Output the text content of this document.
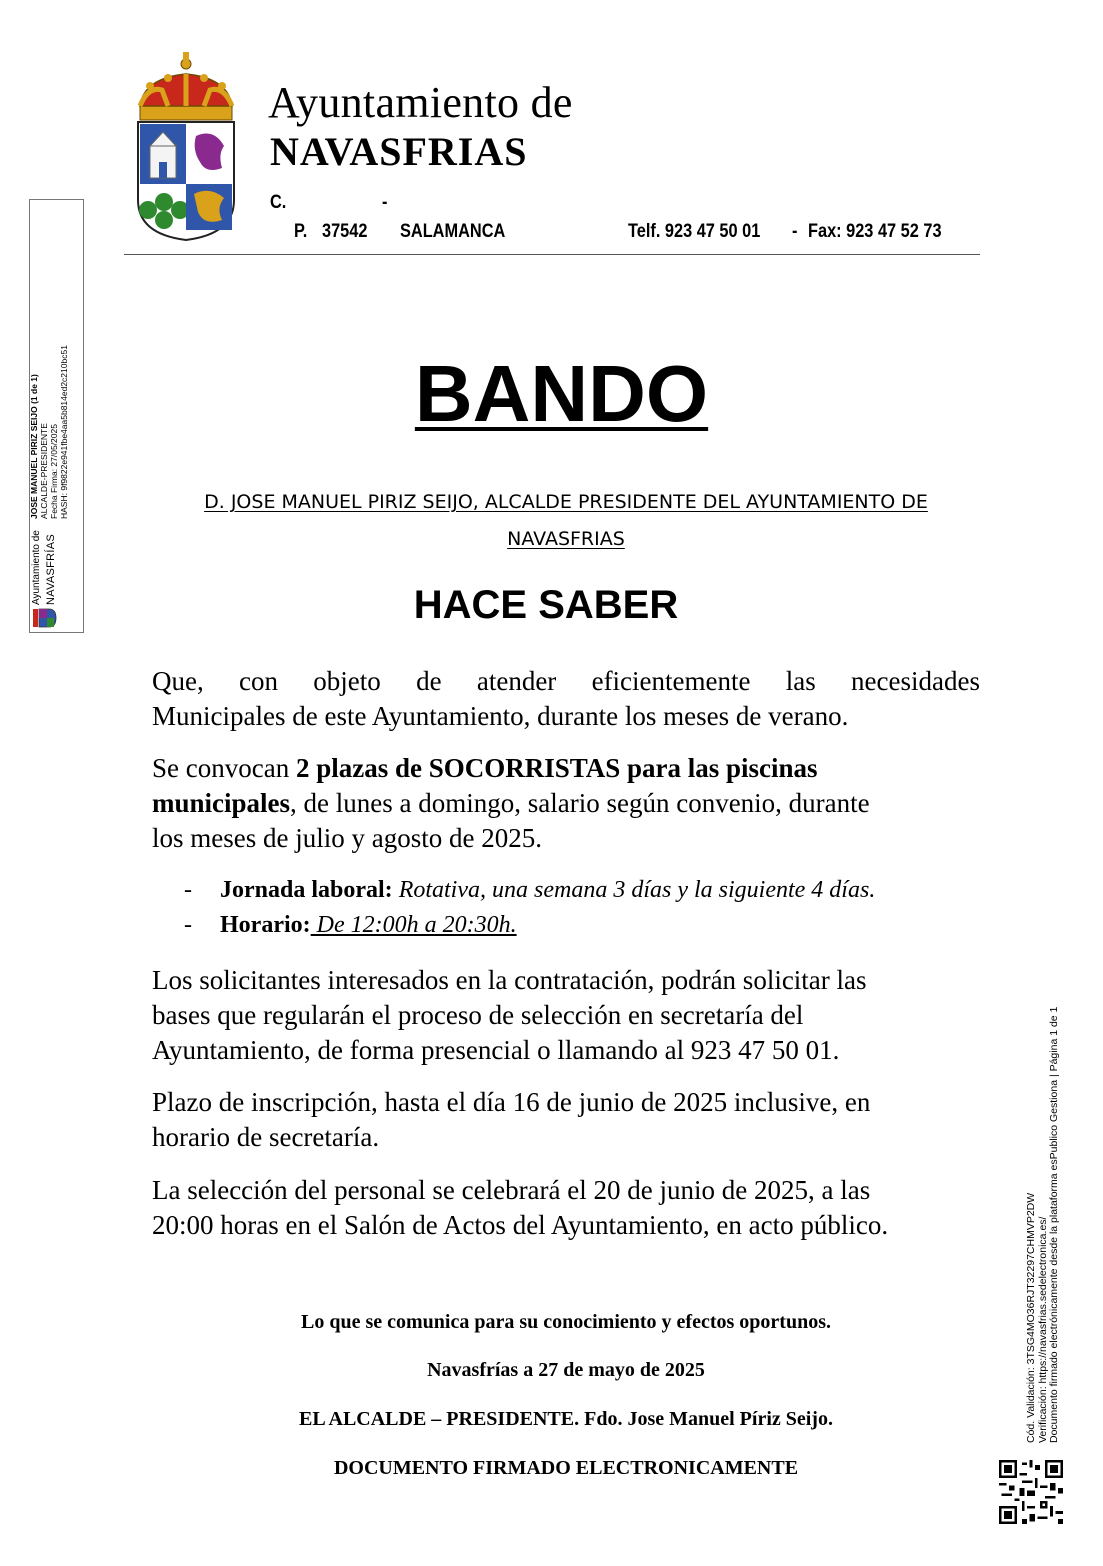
Ayuntamiento de
NAVASFRIAS
C.	-
P. 37542 SALAMANCA	Telf. 923 47 50 01 - Fax: 923 47 52 73
Ayuntamiento de NAVASFRÍAS
JOSE MANUEL PIRIZ SEIJO (1 de 1) ALCALDE-PRESIDENTE Fecha Firma: 27/05/2025 HASH: 9f9822e941fbe4aa5b814ed2c210bc51
Cód. Validación: 3TSG4MO36RJT32297CHMVP2DW Verificación: https://navasfrias.sedelectronica.es/ Documento firmado electrónicamente desde la plataforma esPublico Gestiona | Página 1 de 1
BANDO
D. JOSE MANUEL PIRIZ SEIJO, ALCALDE PRESIDENTE DEL AYUNTAMIENTO DE NAVASFRIAS
HACE SABER
Que, con objeto de atender eficientemente las necesidades
Municipales de este Ayuntamiento, durante los meses de verano.
Se convocan 2 plazas de SOCORRISTAS para las piscinas
municipales, de lunes a domingo, salario según convenio, durante
los meses de julio y agosto de 2025.
- Jornada laboral: Rotativa, una semana 3 días y la siguiente 4 días.
- Horario: De 12:00h a 20:30h.
Los solicitantes interesados en la contratación, podrán solicitar las
bases que regularán el proceso de selección en secretaría del
Ayuntamiento, de forma presencial o llamando al 923 47 50 01.
Plazo de inscripción, hasta el día 16 de junio de 2025 inclusive, en
horario de secretaría.
La selección del personal se celebrará el 20 de junio de 2025, a las
20:00 horas en el Salón de Actos del Ayuntamiento, en acto público.
Lo que se comunica para su conocimiento y efectos oportunos.
Navasfrías a 27 de mayo de 2025
EL ALCALDE – PRESIDENTE. Fdo. Jose Manuel Píriz Seijo.
DOCUMENTO FIRMADO ELECTRONICAMENTE
